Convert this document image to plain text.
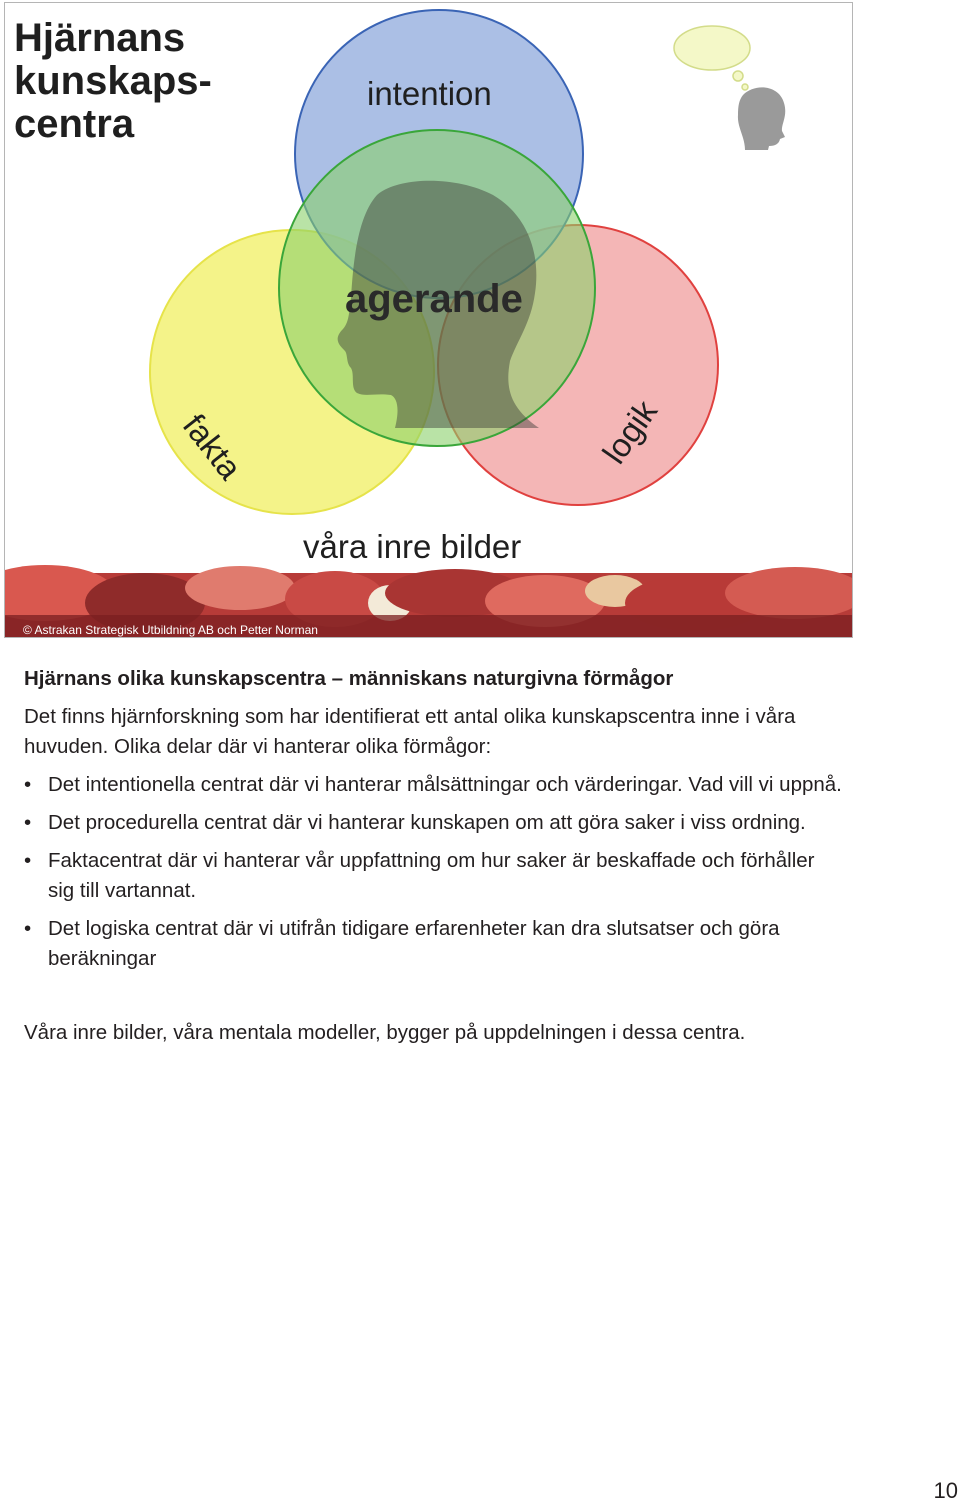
Hjärnans
kunskaps-
centra

intention
agerande
fakta	logik
våra inre bilder
© Astrakan Strategisk Utbildning AB och Petter Norman

Hjärnans olika kunskapscentra – människans naturgivna förmågor

Det finns hjärnforskning som har identifierat ett antal olika kunskapscentra inne i våra huvuden. Olika delar där vi hanterar olika förmågor:

• Det intentionella centrat där vi hanterar målsättningar och värderingar. Vad vill vi uppnå.
• Det procedurella centrat där vi hanterar kunskapen om att göra saker i viss ordning.
• Faktacentrat där vi hanterar vår uppfattning om hur saker är beskaffade och förhåller sig till vartannat.
• Det logiska centrat där vi utifrån tidigare erfarenheter kan dra slutsatser och göra beräkningar

Våra inre bilder, våra mentala modeller, bygger på uppdelningen i dessa centra.

10
